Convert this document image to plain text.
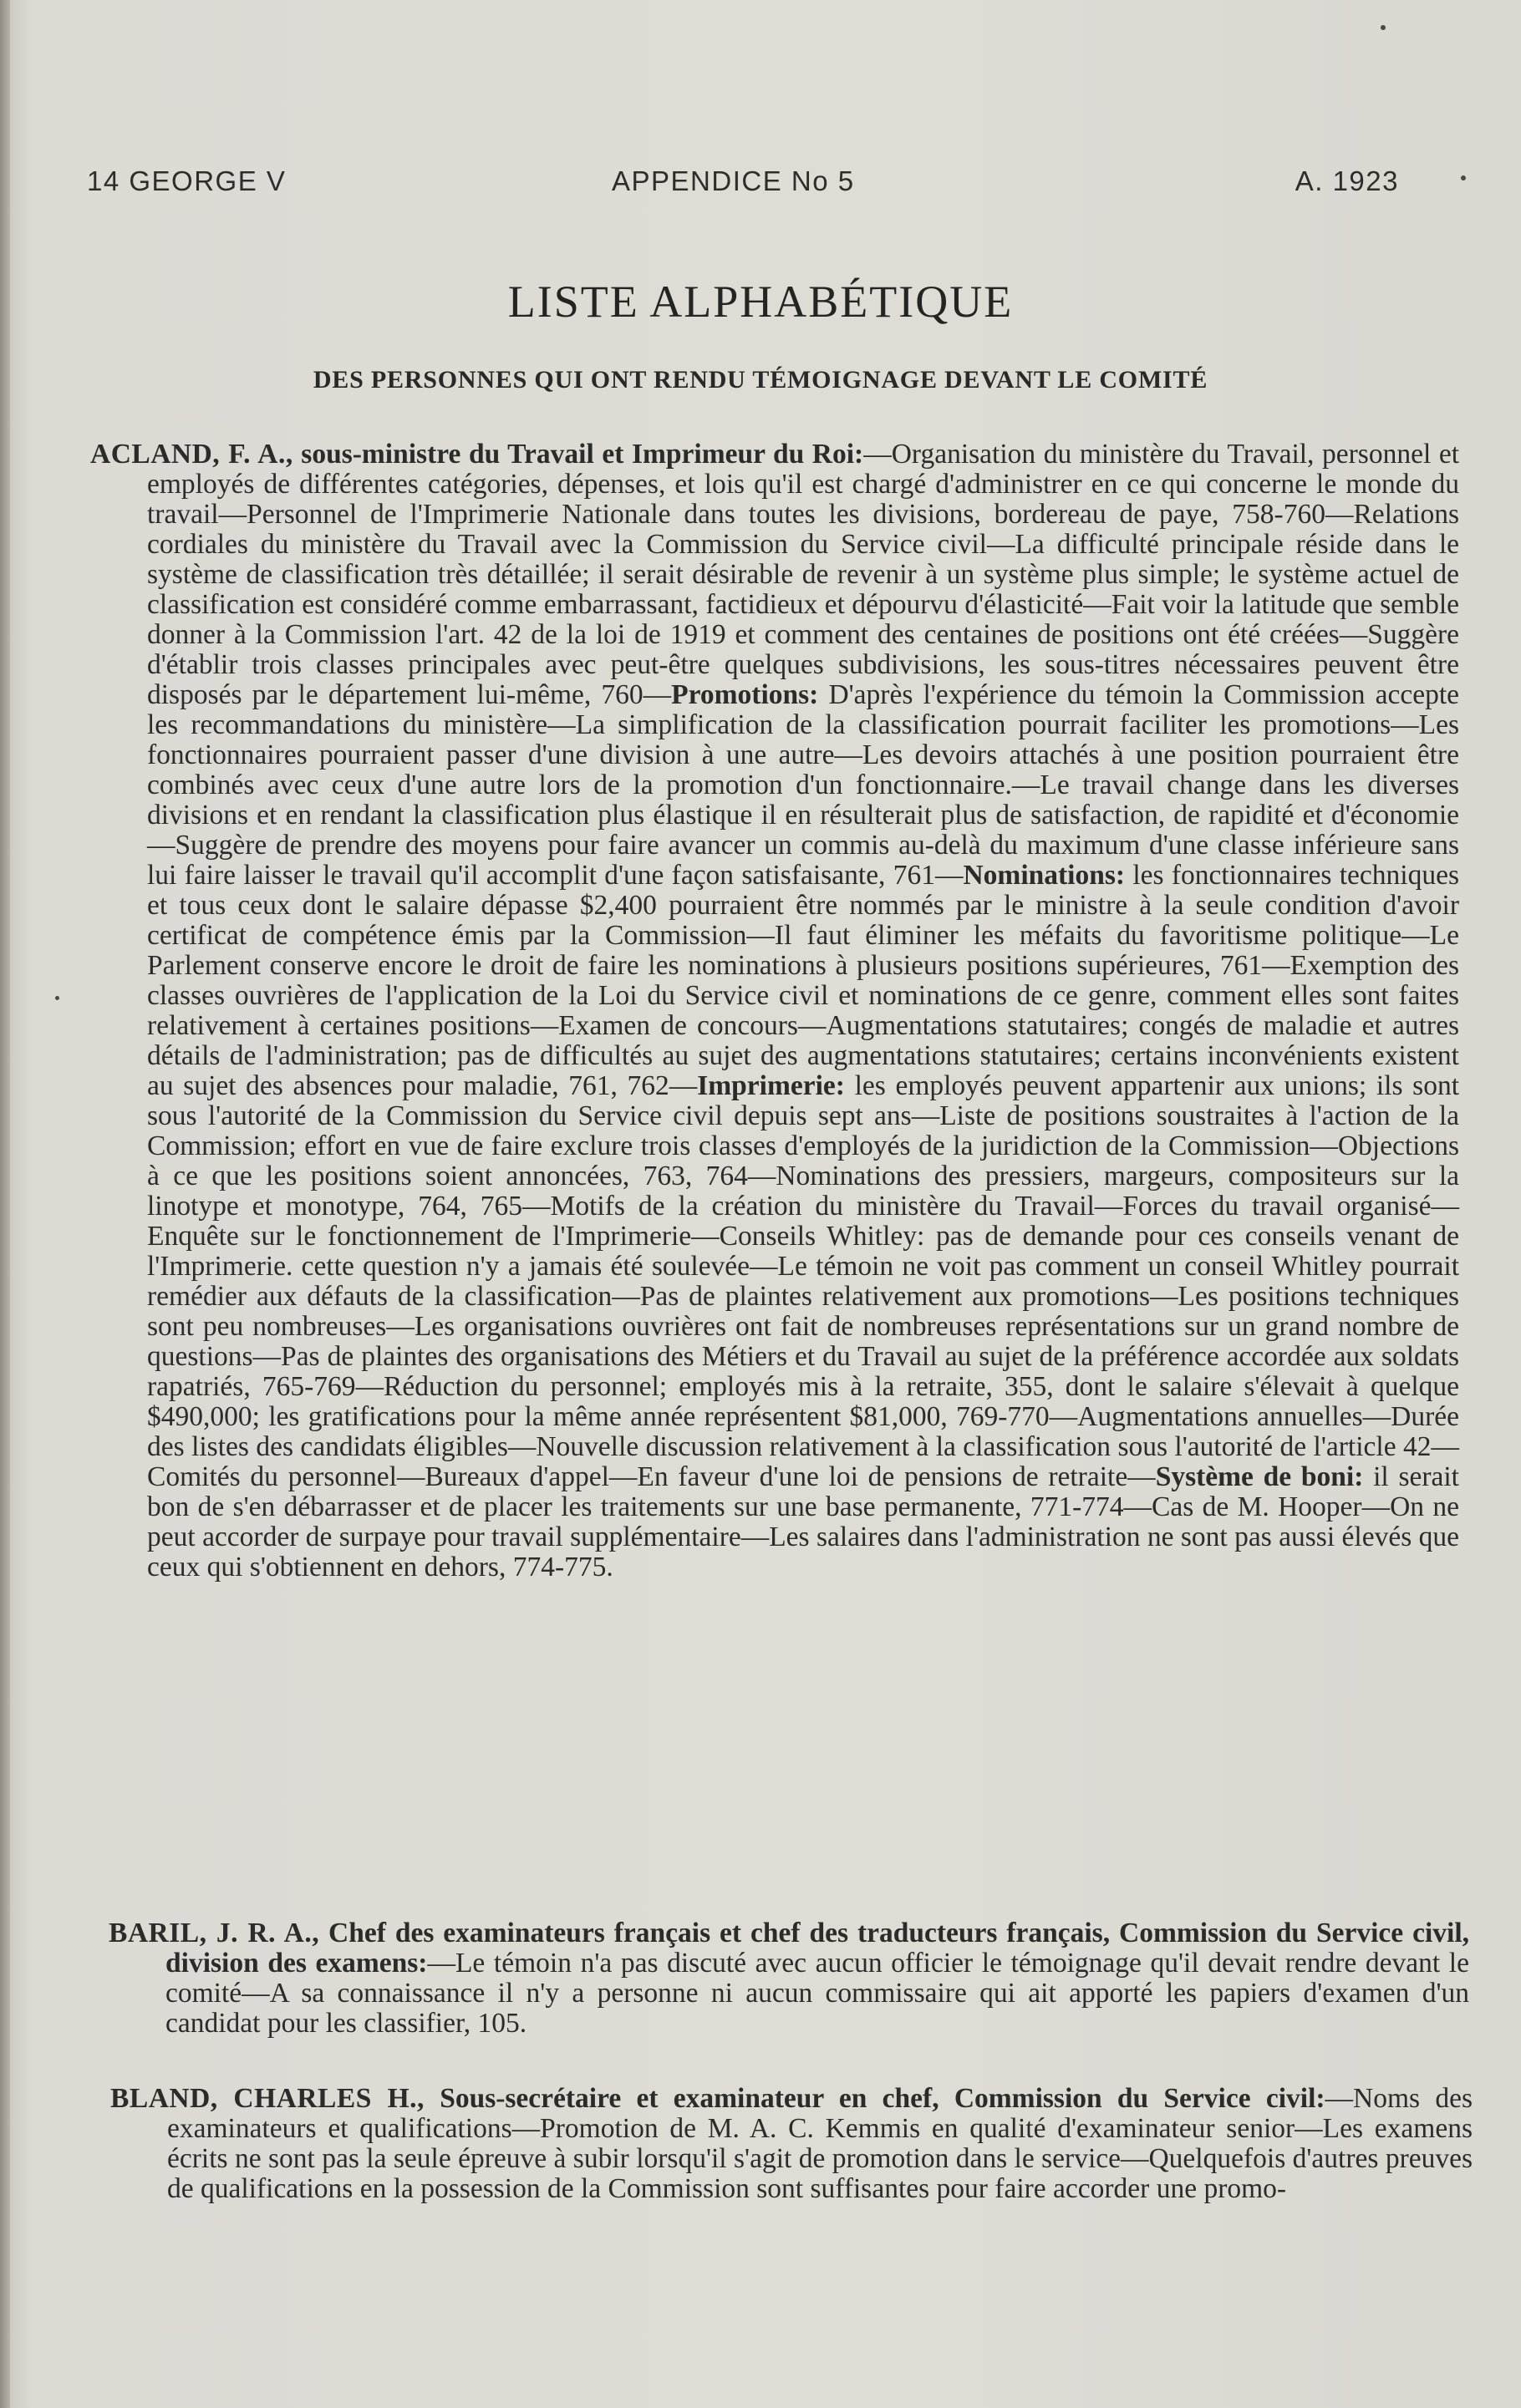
14 GEORGE V	APPENDICE No 5	A. 1923
LISTE ALPHABÉTIQUE
DES PERSONNES QUI ONT RENDU TÉMOIGNAGE DEVANT LE COMITÉ
ACLAND, F. A., sous-ministre du Travail et Imprimeur du Roi:—Organisation du ministère du Travail, personnel et employés de différentes catégories, dépenses, et lois qu'il est chargé d'administrer en ce qui concerne le monde du travail—Personnel de l'Imprimerie Nationale dans toutes les divisions, bordereau de paye, 758-760—Relations cordiales du ministère du Travail avec la Commission du Service civil—La difficulté principale réside dans le système de classification très détaillée; il serait désirable de revenir à un système plus simple; le système actuel de classification est considéré comme embarrassant, factidieux et dépourvu d'élasticité—Fait voir la latitude que semble donner à la Commission l'art. 42 de la loi de 1919 et comment des centaines de positions ont été créées—Suggère d'établir trois classes principales avec peut-être quelques subdivisions, les sous-titres nécessaires peuvent être disposés par le département lui-même, 760—Promotions: D'après l'expérience du témoin la Commission accepte les recommandations du ministère—La simplification de la classification pourrait faciliter les promotions—Les fonctionnaires pourraient passer d'une division à une autre—Les devoirs attachés à une position pourraient être combinés avec ceux d'une autre lors de la promotion d'un fonctionnaire.—Le travail change dans les diverses divisions et en rendant la classification plus élastique il en résulterait plus de satisfaction, de rapidité et d'économie—Suggère de prendre des moyens pour faire avancer un commis au-delà du maximum d'une classe inférieure sans lui faire laisser le travail qu'il accomplit d'une façon satisfaisante, 761—Nominations: les fonctionnaires techniques et tous ceux dont le salaire dépasse $2,400 pourraient être nommés par le ministre à la seule condition d'avoir certificat de compétence émis par la Commission—Il faut éliminer les méfaits du favoritisme politique—Le Parlement conserve encore le droit de faire les nominations à plusieurs positions supérieures, 761—Exemption des classes ouvrières de l'application de la Loi du Service civil et nominations de ce genre, comment elles sont faites relativement à certaines positions—Examen de concours—Augmentations statutaires; congés de maladie et autres détails de l'administration; pas de difficultés au sujet des augmentations statutaires; certains inconvénients existent au sujet des absences pour maladie, 761, 762—Imprimerie: les employés peuvent appartenir aux unions; ils sont sous l'autorité de la Commission du Service civil depuis sept ans—Liste de positions soustraites à l'action de la Commission; effort en vue de faire exclure trois classes d'employés de la juridiction de la Commission—Objections à ce que les positions soient annoncées, 763, 764—Nominations des pressiers, margeurs, compositeurs sur la linotype et monotype, 764, 765—Motifs de la création du ministère du Travail—Forces du travail organisé—Enquête sur le fonctionnement de l'Imprimerie—Conseils Whitley: pas de demande pour ces conseils venant de l'Imprimerie. cette question n'y a jamais été soulevée—Le témoin ne voit pas comment un conseil Whitley pourrait remédier aux défauts de la classification—Pas de plaintes relativement aux promotions—Les positions techniques sont peu nombreuses—Les organisations ouvrières ont fait de nombreuses représentations sur un grand nombre de questions—Pas de plaintes des organisations des Métiers et du Travail au sujet de la préférence accordée aux soldats rapatriés, 765-769—Réduction du personnel; employés mis à la retraite, 355, dont le salaire s'élevait à quelque $490,000; les gratifications pour la même année représentent $81,000, 769-770—Augmentations annuelles—Durée des listes des candidats éligibles—Nouvelle discussion relativement à la classification sous l'autorité de l'article 42—Comités du personnel—Bureaux d'appel—En faveur d'une loi de pensions de retraite—Système de boni: il serait bon de s'en débarrasser et de placer les traitements sur une base permanente, 771-774—Cas de M. Hooper—On ne peut accorder de surpaye pour travail supplémentaire—Les salaires dans l'administration ne sont pas aussi élevés que ceux qui s'obtiennent en dehors, 774-775.
BARIL, J. R. A., Chef des examinateurs français et chef des traducteurs français, Commission du Service civil, division des examens:—Le témoin n'a pas discuté avec aucun officier le témoignage qu'il devait rendre devant le comité—A sa connaissance il n'y a personne ni aucun commissaire qui ait apporté les papiers d'examen d'un candidat pour les classifier, 105.
BLAND, CHARLES H., Sous-secrétaire et examinateur en chef, Commission du Service civil:—Noms des examinateurs et qualifications—Promotion de M. A. C. Kemmis en qualité d'examinateur senior—Les examens écrits ne sont pas la seule épreuve à subir lorsqu'il s'agit de promotion dans le service—Quelquefois d'autres preuves de qualifications en la possession de la Commission sont suffisantes pour faire accorder une promo-
